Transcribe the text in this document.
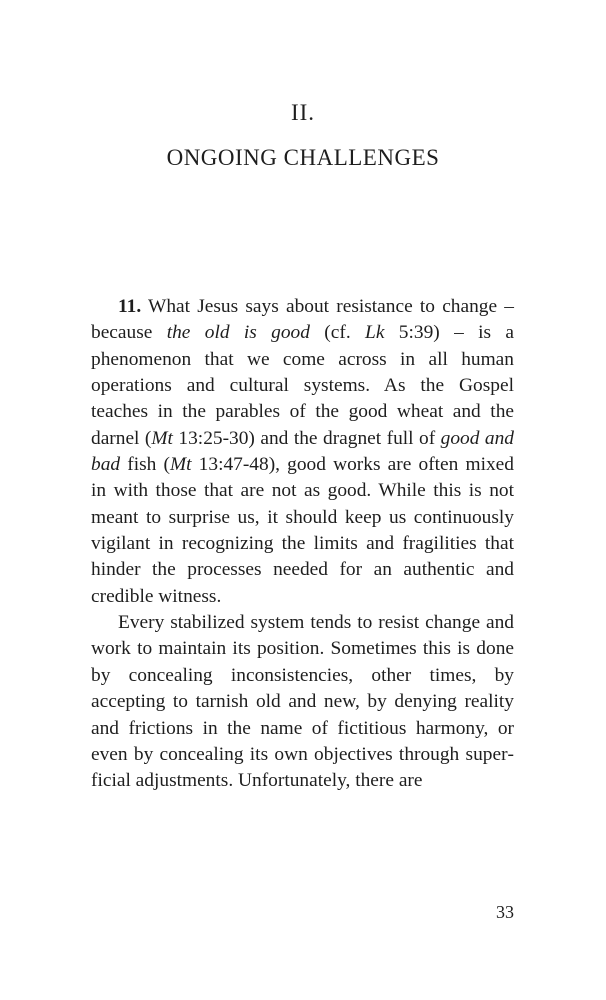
II.
ONGOING CHALLENGES

11. What Jesus says about resistance to change – because the old is good (cf. Lk 5:39) – is a phenomenon that we come across in all human operations and cultural systems. As the Gospel teaches in the parables of the good wheat and the darnel (Mt 13:25-30) and the dragnet full of good and bad fish (Mt 13:47-48), good works are often mixed in with those that are not as good. While this is not meant to surprise us, it should keep us continuously vigilant in recognizing the limits and fragilities that hinder the processes needed for an authentic and credible witness.

Every stabilized system tends to resist change and work to maintain its position. Sometimes this is done by concealing inconsistencies, other times, by accepting to tarnish old and new, by denying reality and frictions in the name of fictitious harmony, or even by concealing its own objectives through superficial adjustments. Unfortunately, there are

33
